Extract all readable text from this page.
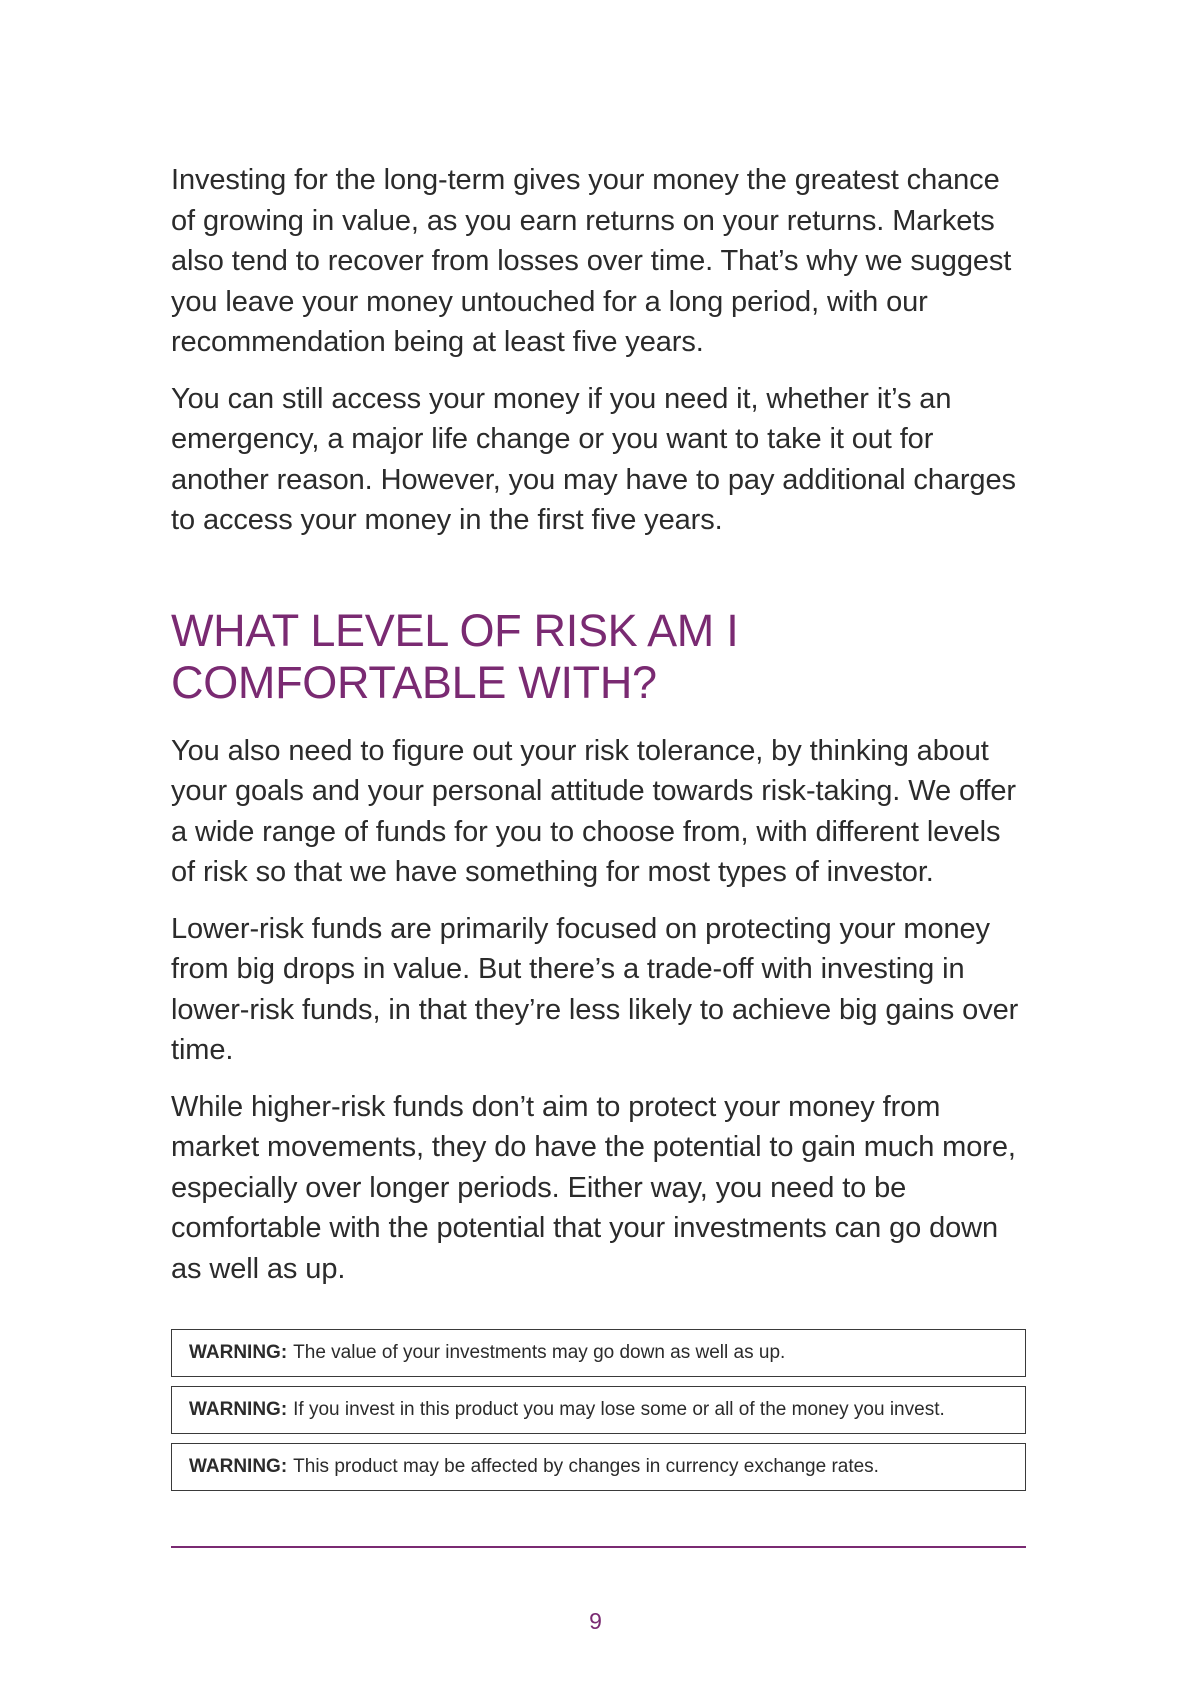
Investing for the long-term gives your money the greatest chance of growing in value, as you earn returns on your returns. Markets also tend to recover from losses over time. That’s why we suggest you leave your money untouched for a long period, with our recommendation being at least five years.

You can still access your money if you need it, whether it’s an emergency, a major life change or you want to take it out for another reason. However, you may have to pay additional charges to access your money in the first five years.

WHAT LEVEL OF RISK AM I
COMFORTABLE WITH?

You also need to figure out your risk tolerance, by thinking about your goals and your personal attitude towards risk-taking. We offer a wide range of funds for you to choose from, with different levels of risk so that we have something for most types of investor.

Lower-risk funds are primarily focused on protecting your money from big drops in value. But there’s a trade-off with investing in lower-risk funds, in that they’re less likely to achieve big gains over time.

While higher-risk funds don’t aim to protect your money from market movements, they do have the potential to gain much more, especially over longer periods. Either way, you need to be comfortable with the potential that your investments can go down as well as up.

WARNING: The value of your investments may go down as well as up.
WARNING: If you invest in this product you may lose some or all of the money you invest.
WARNING: This product may be affected by changes in currency exchange rates.
9
